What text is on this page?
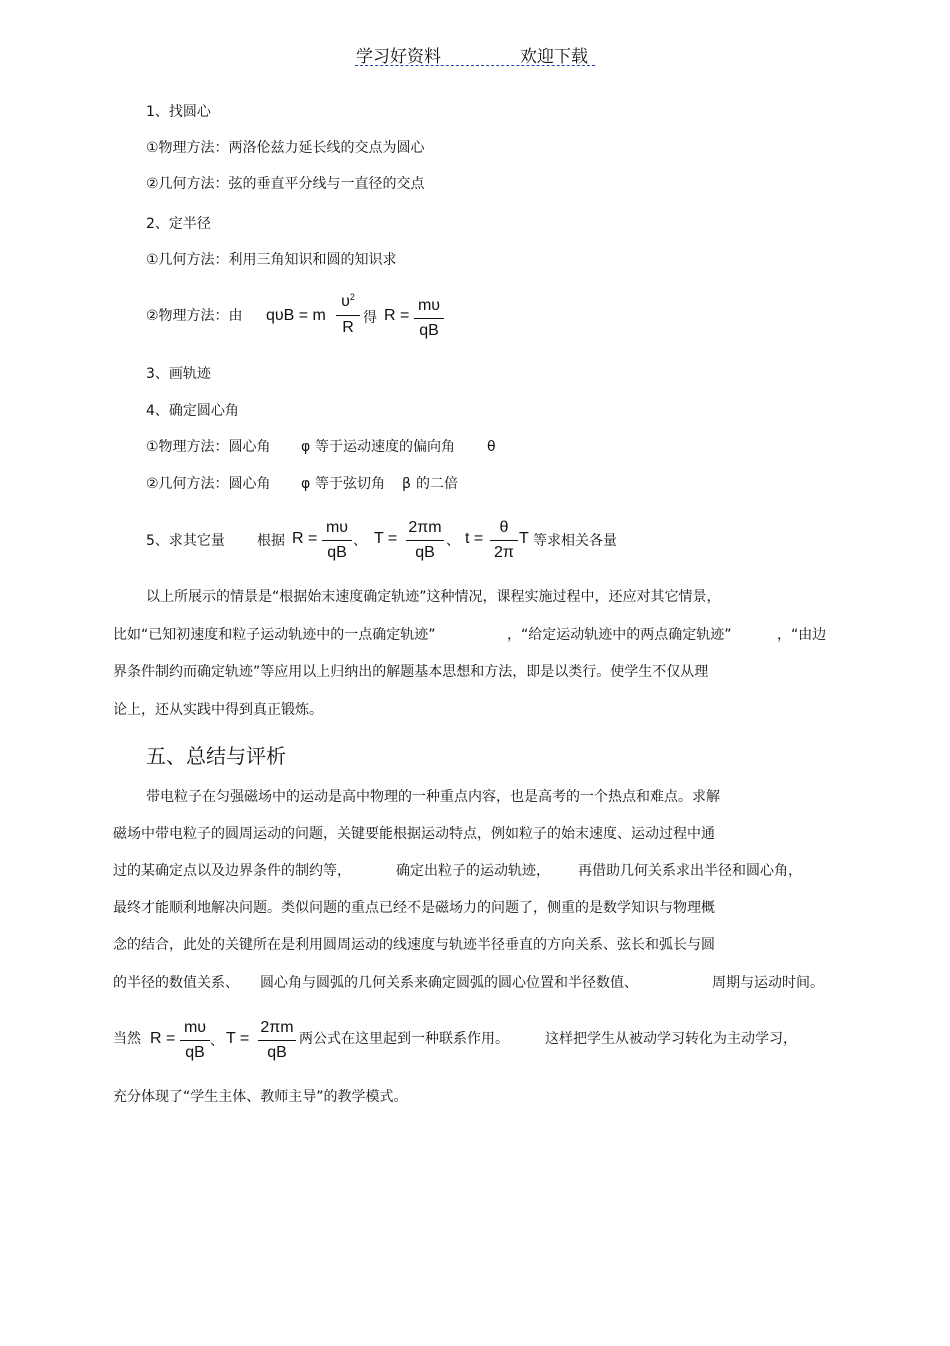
学习好资料	欢迎下载
1、找圆心
①物理方法：两洛伦兹力延长线的交点为圆心
②几何方法：弦的垂直平分线与一直径的交点
2、定半径
①几何方法：利用三角知识和圆的知识求
②物理方法：由 qυB = m
$\upsilon^2$
R
得 R =
mυ
qB
3、画轨迹
4、确定圆心角
①物理方法：圆心角 φ 等于运动速度的偏向角 θ
②几何方法：圆心角 φ 等于弦切角 β 的二倍
5、求其它量 根据 R =
mυ
qB
、 T =
2πm
qB
、 t =
θ
2π
T 等求相关各量
以上所展示的情景是“根据始末速度确定轨迹”这种情况，课程实施过程中，还应对其它情景，
比如“已知初速度和粒子运动轨迹中的一点确定轨迹”	，“给定运动轨迹中的两点确定轨迹”	，“由边
界条件制约而确定轨迹”等应用以上归纳出的解题基本思想和方法，即是以类行。使学生不仅从理
论上，还从实践中得到真正锻炼。
五、总结与评析
带电粒子在匀强磁场中的运动是高中物理的一种重点内容，也是高考的一个热点和难点。求解
磁场中带电粒子的圆周运动的问题，关键要能根据运动特点，例如粒子的始末速度、运动过程中通
过的某确定点以及边界条件的制约等，	确定出粒子的运动轨迹， 再借助几何关系求出半径和圆心角，
最终才能顺利地解决问题。类似问题的重点已经不是磁场力的问题了，侧重的是数学知识与物理概
念的结合，此处的关键所在是利用圆周运动的线速度与轨迹半径垂直的方向关系、弦长和弧长与圆
的半径的数值关系、 圆心角与圆弧的几何关系来确定圆弧的圆心位置和半径数值、	周期与运动时间。
当然 R =
mυ
qB
、 T =
2πm
qB
两公式在这里起到一种联系作用。	这样把学生从被动学习转化为主动学习，
充分体现了“学生主体、教师主导”的教学模式。
